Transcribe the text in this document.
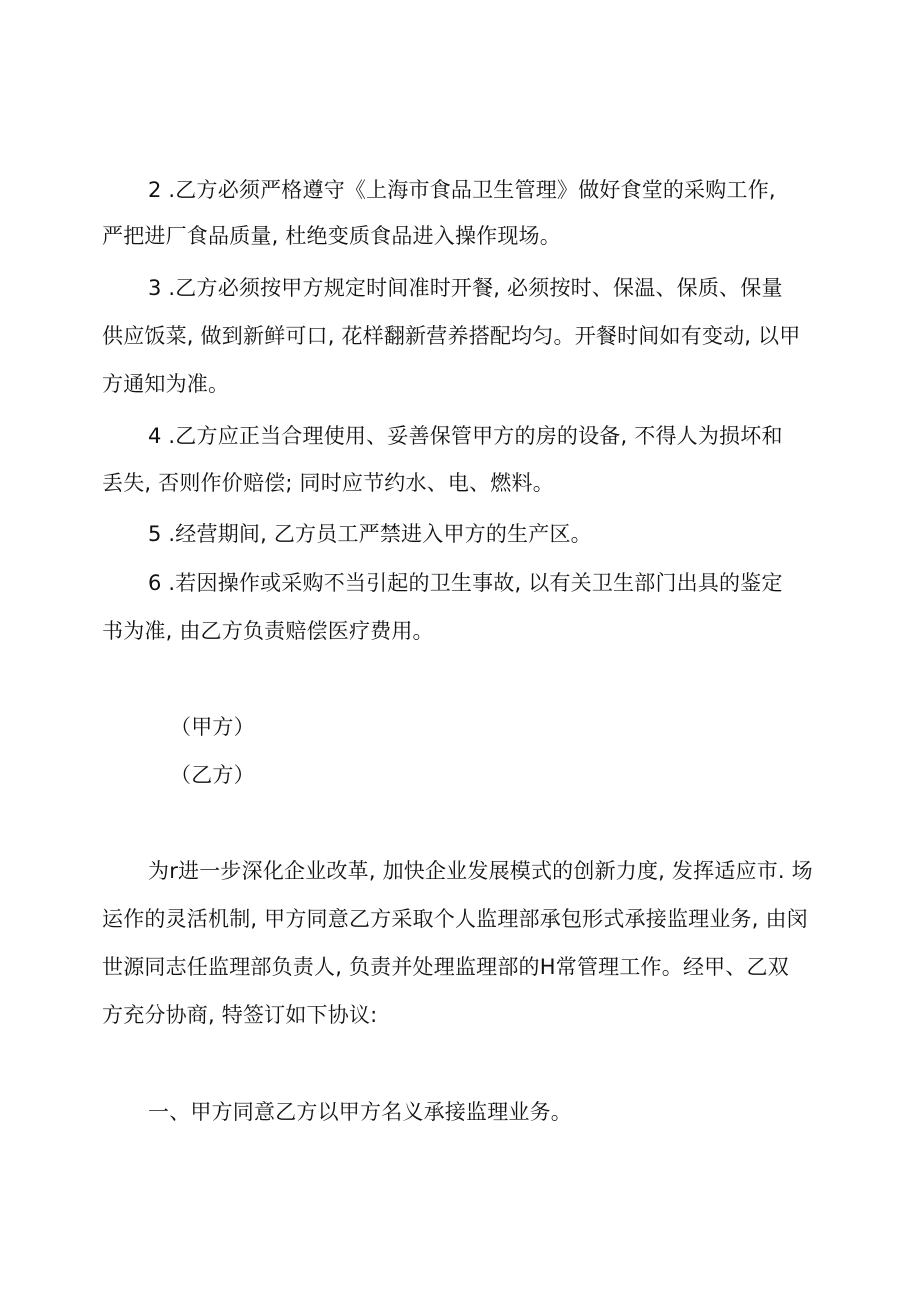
2 .乙方必须严格遵守《上海市食品卫生管理》做好食堂的采购工作,
严把进厂食品质量, 杜绝变质食品进入操作现场。
3 .乙方必须按甲方规定时间准时开餐, 必须按时、保温、保质、保量
供应饭菜, 做到新鲜可口, 花样翻新营养搭配均匀。开餐时间如有变动, 以甲
方通知为准。
4 .乙方应正当合理使用、妥善保管甲方的房的设备, 不得人为损坏和
丢失, 否则作价赔偿; 同时应节约水、电、燃料。
5 .经营期间, 乙方员工严禁进入甲方的生产区。
6 .若因操作或采购不当引起的卫生事故, 以有关卫生部门出具的鉴定
书为准, 由乙方负责赔偿医疗费用。
（甲方）
（乙方）
为r进一步深化企业改革, 加快企业发展模式的创新力度, 发挥适应市. 场
运作的灵活机制, 甲方同意乙方采取个人监理部承包形式承接监理业务, 由闵
世源同志任监理部负责人, 负责并处理监理部的H常管理工作。经甲、乙双
方充分协商, 特签订如下协议:
一、甲方同意乙方以甲方名义承接监理业务。
